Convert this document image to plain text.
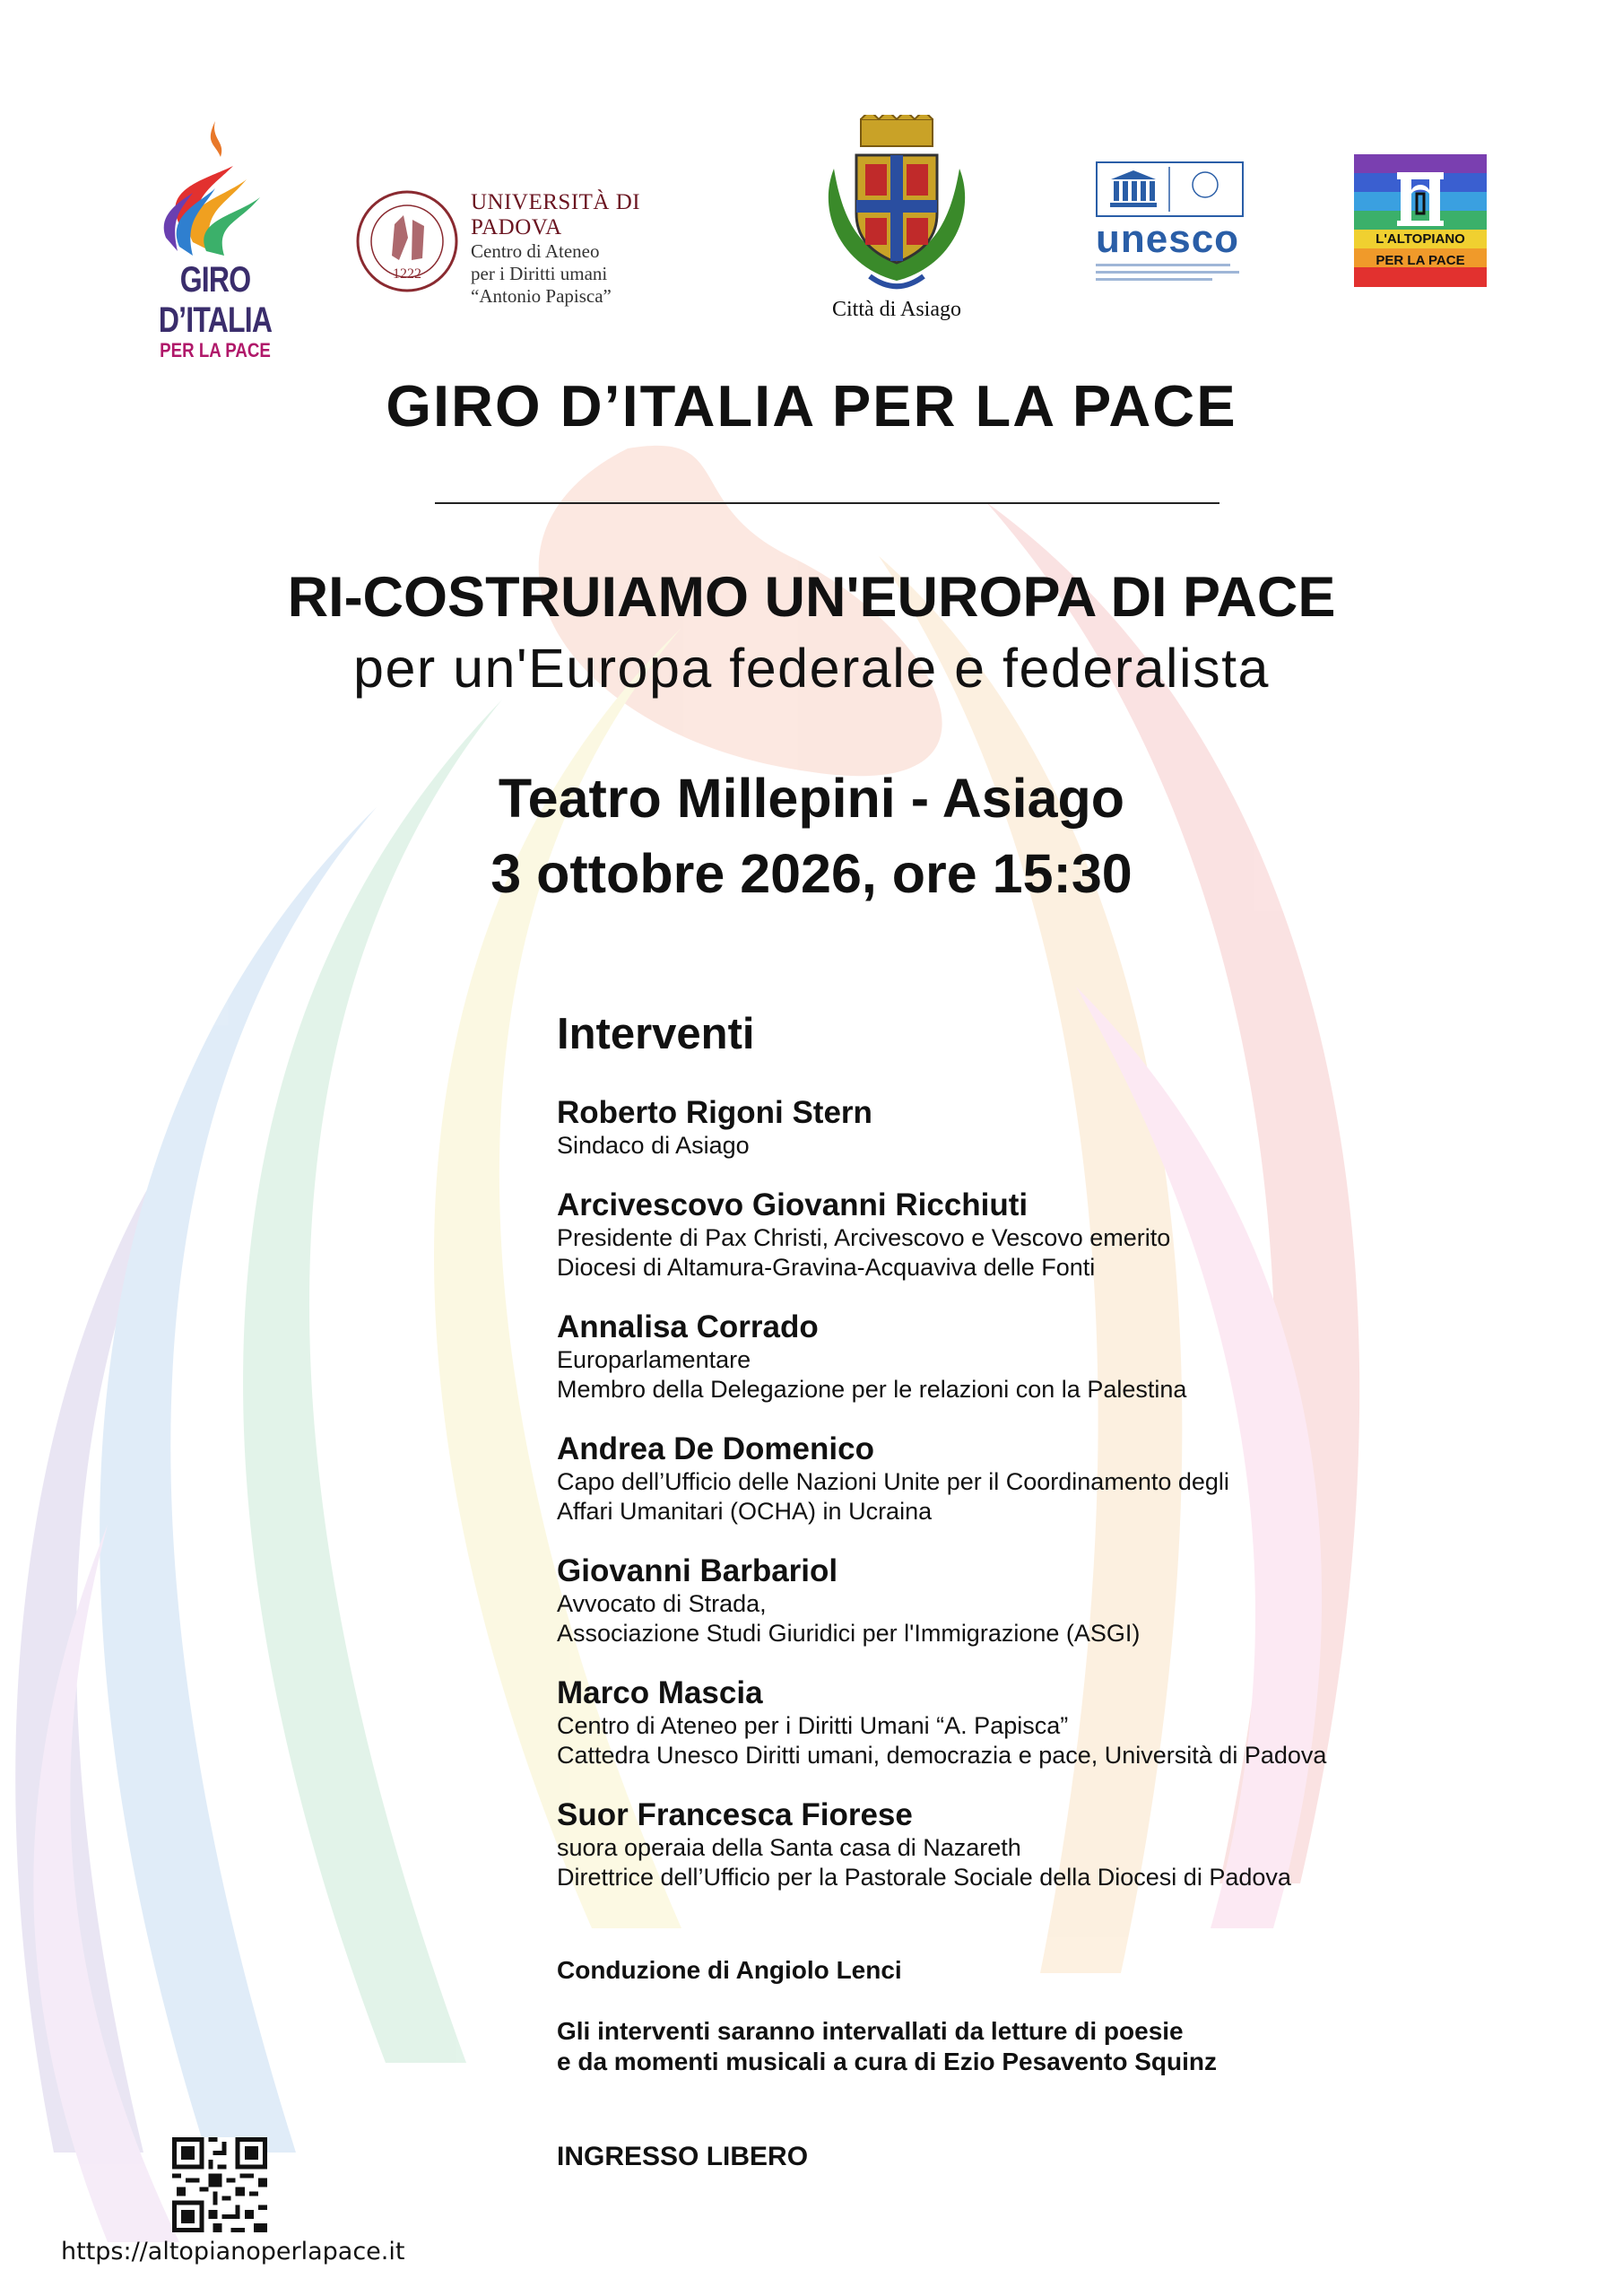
GIRO D’ITALIA
PER LA PACE
1222
UNIVERSITÀ DI PADOVA
Centro di Ateneo
per i Diritti umani
“Antonio Papisca”
Città di Asiago
unesco	L'ALTOPIANO
PER LA PACE
GIRO D’ITALIA PER LA PACE
RI-COSTRUIAMO UN'EUROPA DI PACE
per un'Europa federale e federalista
Teatro Millepini - Asiago
3 ottobre 2026, ore 15:30
Interventi
Roberto Rigoni Stern
Sindaco di Asiago
Arcivescovo Giovanni Ricchiuti
Presidente di Pax Christi, Arcivescovo e Vescovo emerito
Diocesi di Altamura-Gravina-Acquaviva delle Fonti
Annalisa Corrado
Europarlamentare
Membro della Delegazione per le relazioni con la Palestina
Andrea De Domenico
Capo dell’Ufficio delle Nazioni Unite per il Coordinamento degli
Affari Umanitari (OCHA) in Ucraina
Giovanni Barbariol
Avvocato di Strada,
Associazione Studi Giuridici per l'Immigrazione (ASGI)
Marco Mascia
Centro di Ateneo per i Diritti Umani “A. Papisca”
Cattedra Unesco Diritti umani, democrazia e pace, Università di Padova
Suor Francesca Fiorese
suora operaia della Santa casa di Nazareth
Direttrice dell’Ufficio per la Pastorale Sociale della Diocesi di Padova
Conduzione di Angiolo Lenci
Gli interventi saranno intervallati da letture di poesie
e da momenti musicali a cura di Ezio Pesavento Squinz
INGRESSO LIBERO
https://altopianoperlapace.it
